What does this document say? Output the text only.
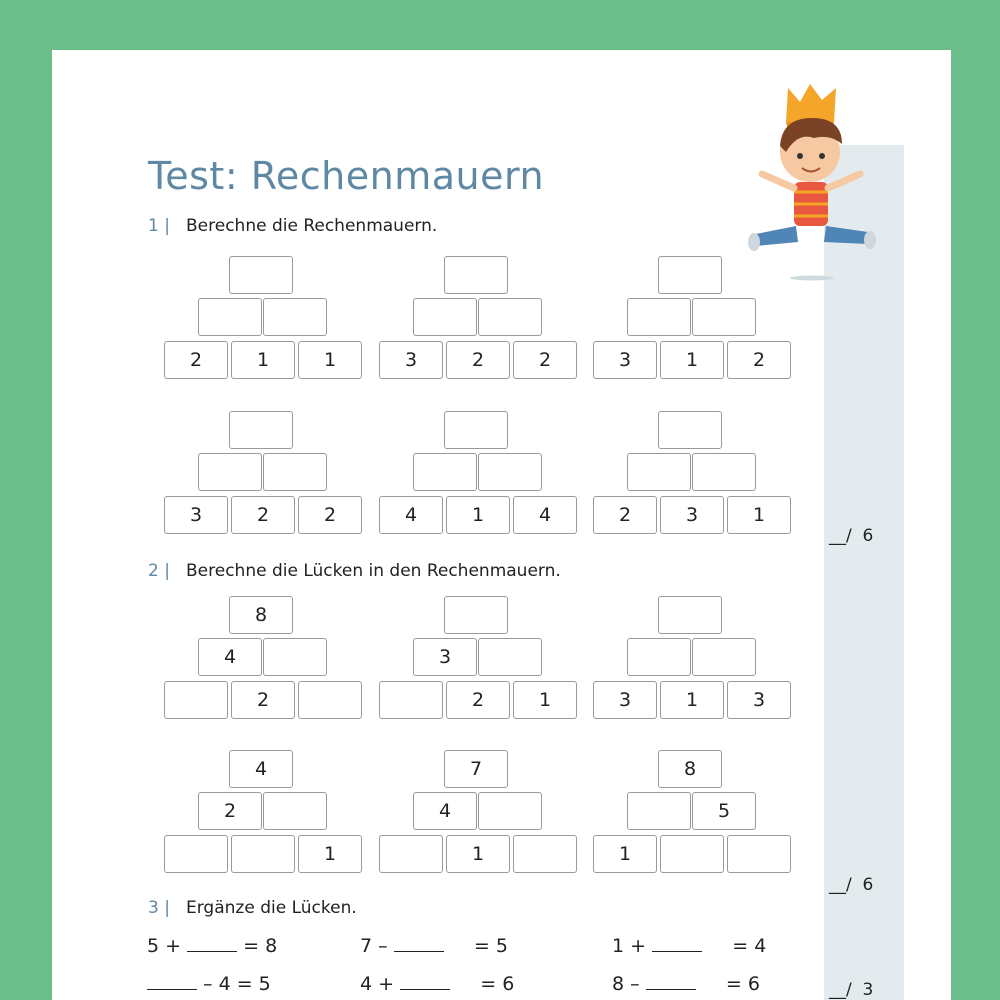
Test: Rechenmauern
1 | Berechne die Rechenmauern.
__/  6
2	1	1	3	2	2	3	1	2
3	2	2	4	1	4	2	3	1
2 | Berechne die Lücken in den Rechenmauern.
__/  6
8
4
2
3
2	1	3	1	3
4
2
1
7
4
1
8
5
1
3 | Ergänze die Lücken.
__/  3
5 +	= 8	7 –	= 5	1 +	= 4
– 4 = 5	4 +	= 6	8 –	= 6
